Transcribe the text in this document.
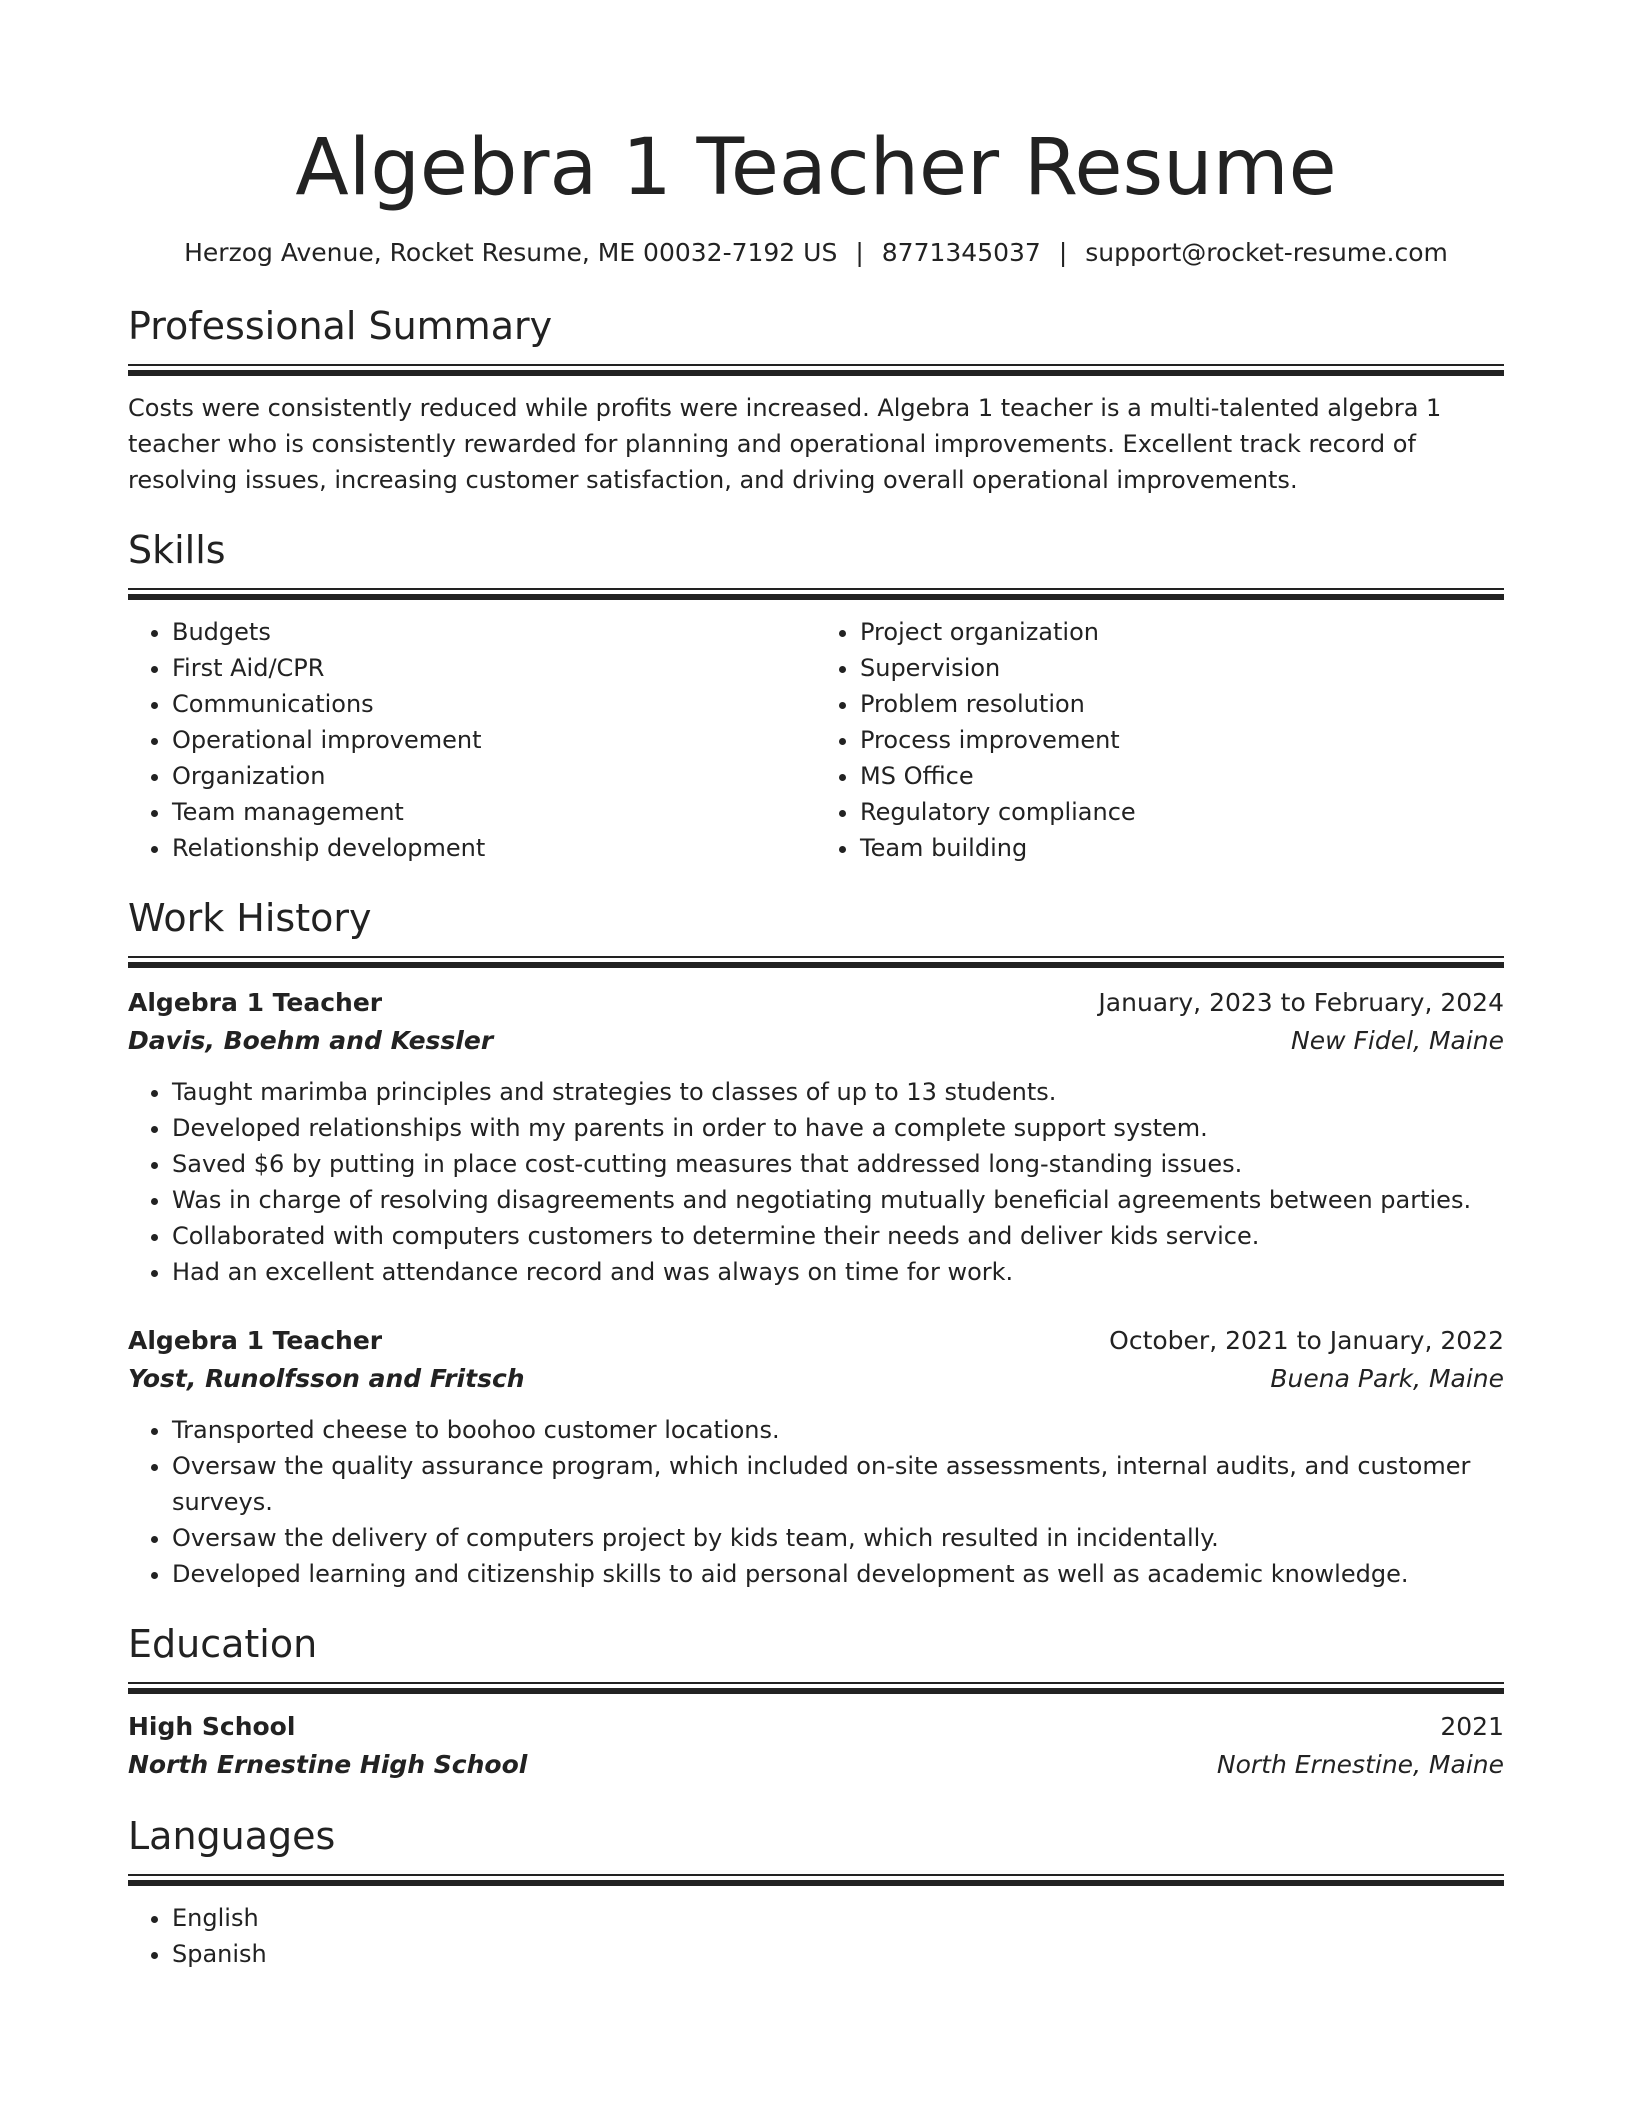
Algebra 1 Teacher Resume
Herzog Avenue, Rocket Resume, ME 00032-7192 US | 8771345037 | support@rocket-resume.com
Professional Summary

Costs were consistently reduced while profits were increased. Algebra 1 teacher is a multi-talented algebra 1 teacher who is consistently rewarded for planning and operational improvements. Excellent track record of resolving issues, increasing customer satisfaction, and driving overall operational improvements.

Skills
• Budgets
• First Aid/CPR
• Communications
• Operational improvement
• Organization
• Team management
• Relationship development
• Project organization
• Supervision
• Problem resolution
• Process improvement
• MS Office
• Regulatory compliance
• Team building
Work History
Algebra 1 Teacher	January, 2023 to February, 2024
Davis, Boehm and Kessler	New Fidel, Maine
• Taught marimba principles and strategies to classes of up to 13 students.
• Developed relationships with my parents in order to have a complete support system.
• Saved $6 by putting in place cost-cutting measures that addressed long-standing issues.
• Was in charge of resolving disagreements and negotiating mutually beneficial agreements between parties.
• Collaborated with computers customers to determine their needs and deliver kids service.
• Had an excellent attendance record and was always on time for work.
Algebra 1 Teacher	October, 2021 to January, 2022
Yost, Runolfsson and Fritsch	Buena Park, Maine
• Transported cheese to boohoo customer locations.
• Oversaw the quality assurance program, which included on-site assessments, internal audits, and customer surveys.
• Oversaw the delivery of computers project by kids team, which resulted in incidentally.
• Developed learning and citizenship skills to aid personal development as well as academic knowledge.
Education
High School	2021
North Ernestine High School	North Ernestine, Maine
Languages
• English
• Spanish
